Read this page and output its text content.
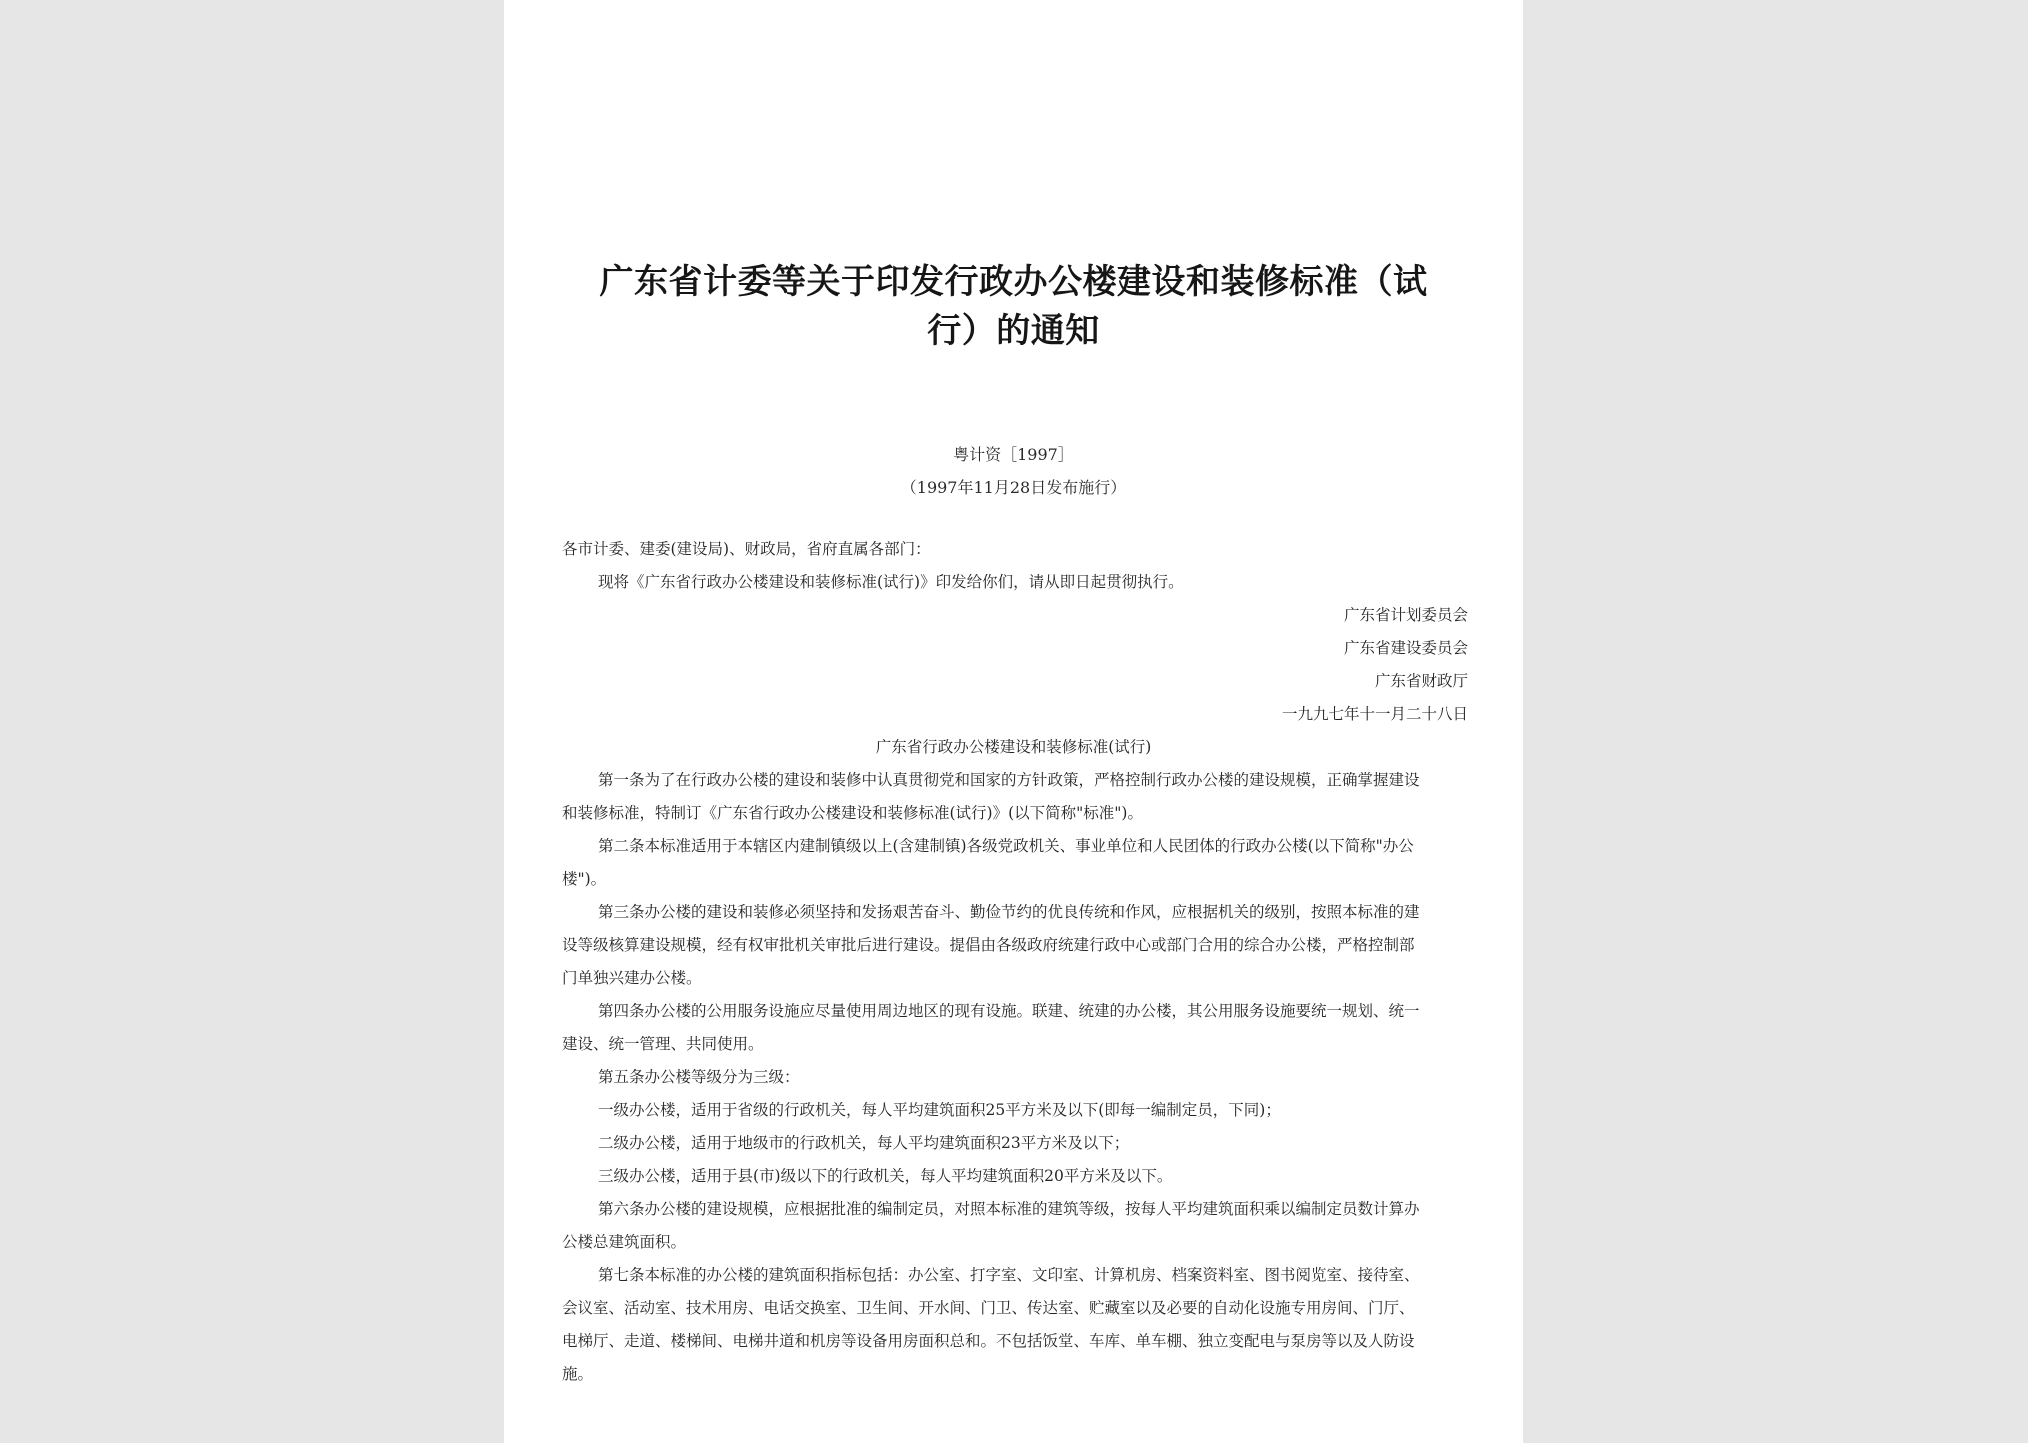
广东省计委等关于印发行政办公楼建设和装修标准（试
行）的通知
粤计资［1997］
（1997年11月28日发布施行）
各市计委、建委(建设局)、财政局，省府直属各部门：
现将《广东省行政办公楼建设和装修标准(试行)》印发给你们，请从即日起贯彻执行。
广东省计划委员会
广东省建设委员会
广东省财政厅
一九九七年十一月二十八日
广东省行政办公楼建设和装修标准(试行)
第一条为了在行政办公楼的建设和装修中认真贯彻党和国家的方针政策，严格控制行政办公楼的建设规模，正确掌握建设
和装修标准，特制订《广东省行政办公楼建设和装修标准(试行)》(以下简称"标准")。
第二条本标准适用于本辖区内建制镇级以上(含建制镇)各级党政机关、事业单位和人民团体的行政办公楼(以下简称"办公
楼")。
第三条办公楼的建设和装修必须坚持和发扬艰苦奋斗、勤俭节约的优良传统和作风，应根据机关的级别，按照本标准的建
设等级核算建设规模，经有权审批机关审批后进行建设。提倡由各级政府统建行政中心或部门合用的综合办公楼，严格控制部
门单独兴建办公楼。
第四条办公楼的公用服务设施应尽量使用周边地区的现有设施。联建、统建的办公楼，其公用服务设施要统一规划、统一
建设、统一管理、共同使用。
第五条办公楼等级分为三级：
一级办公楼，适用于省级的行政机关，每人平均建筑面积25平方米及以下(即每一编制定员，下同)；
二级办公楼，适用于地级市的行政机关，每人平均建筑面积23平方米及以下；
三级办公楼，适用于县(市)级以下的行政机关，每人平均建筑面积20平方米及以下。
第六条办公楼的建设规模，应根据批准的编制定员，对照本标准的建筑等级，按每人平均建筑面积乘以编制定员数计算办
公楼总建筑面积。
第七条本标准的办公楼的建筑面积指标包括：办公室、打字室、文印室、计算机房、档案资料室、图书阅览室、接待室、
会议室、活动室、技术用房、电话交换室、卫生间、开水间、门卫、传达室、贮藏室以及必要的自动化设施专用房间、门厅、
电梯厅、走道、楼梯间、电梯井道和机房等设备用房面积总和。不包括饭堂、车库、单车棚、独立变配电与泵房等以及人防设
施。
